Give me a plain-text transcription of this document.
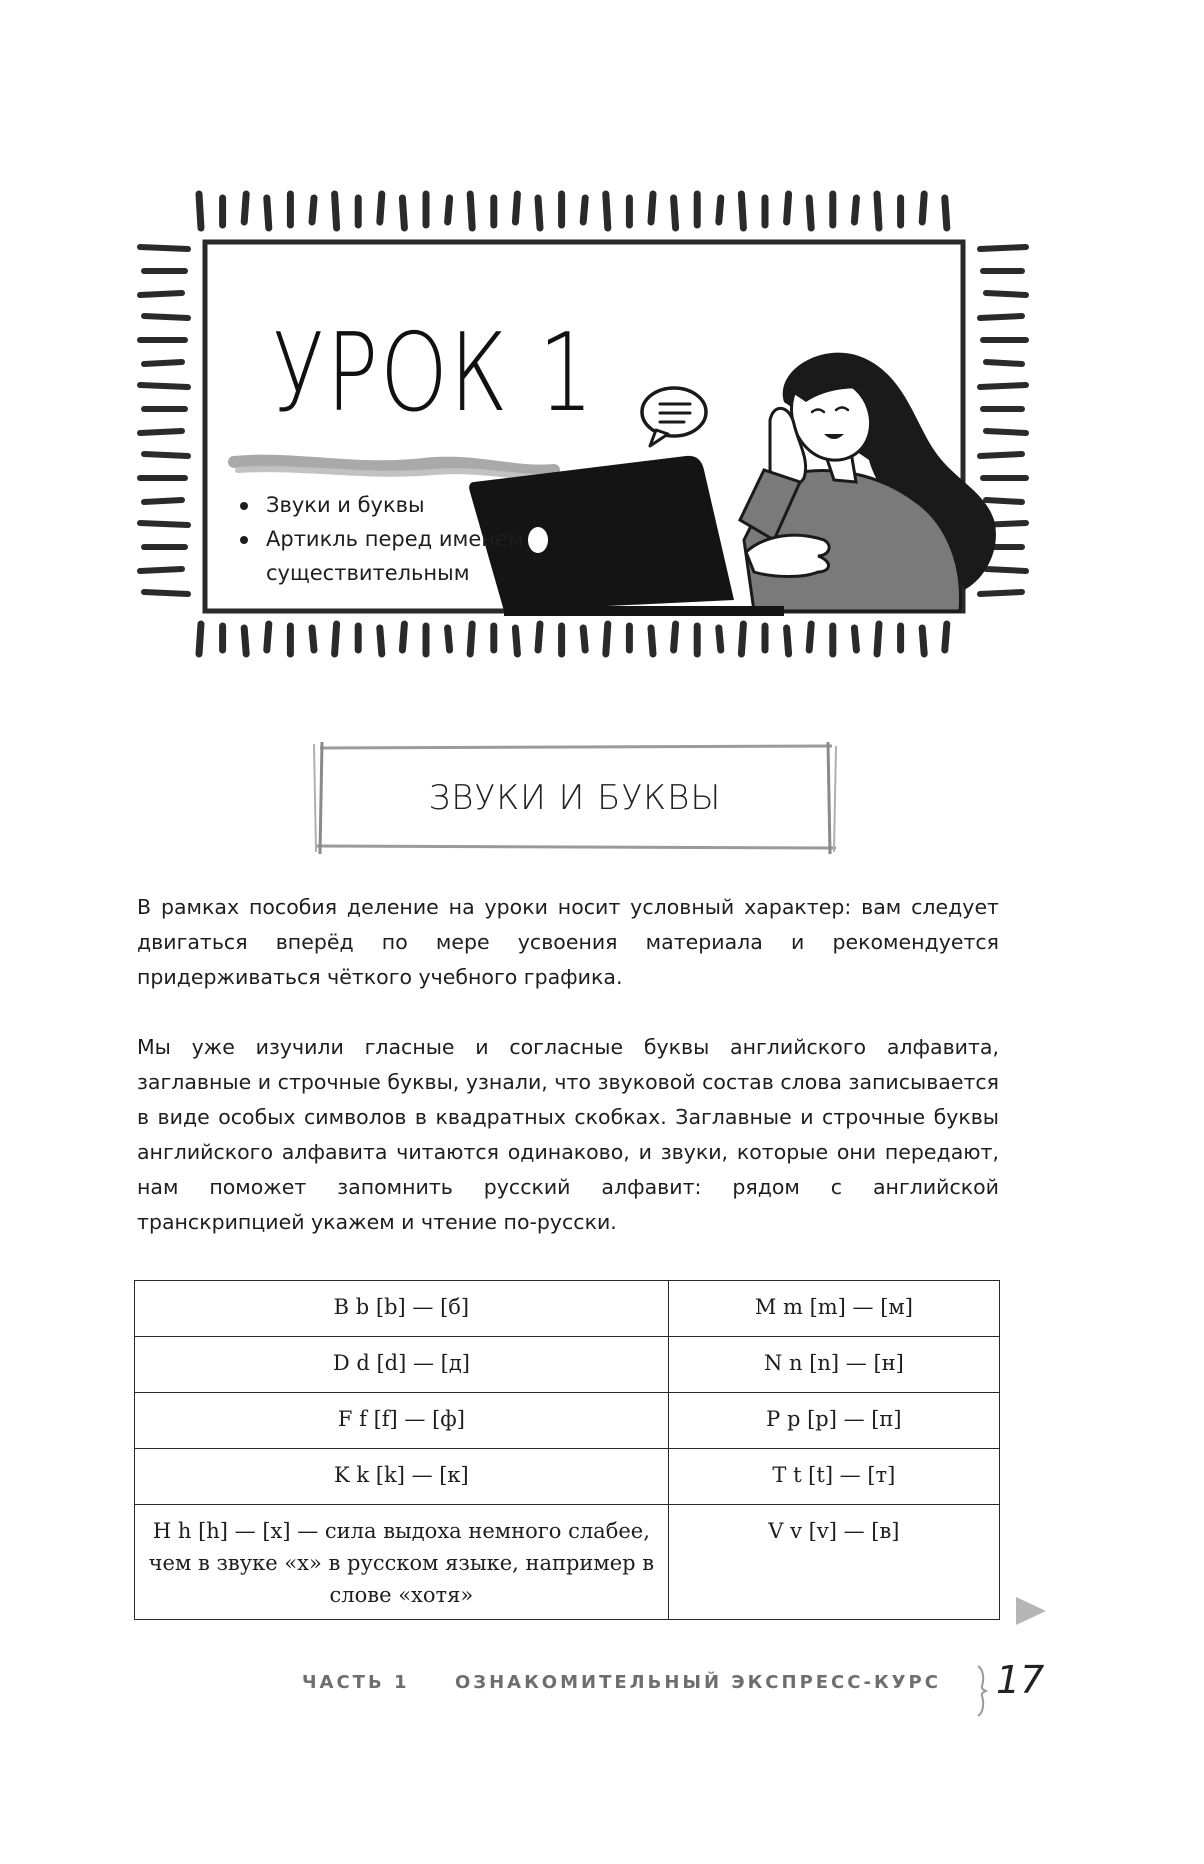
УРОК 1
Звуки и буквы
Артикль перед именем существительным
ЗВУКИ И БУКВЫ

В рамках пособия деление на уроки носит условный характер: вам следует двигаться вперёд по мере усвоения материала и рекомендуется придерживаться чёткого учебного графика.

Мы уже изучили гласные и согласные буквы английского алфавита, заглавные и строчные буквы, узнали, что звуковой состав слова записывается в виде особых символов в квадратных скобках. Заглавные и строчные буквы английского алфавита читаются одинаково, и звуки, которые они передают, нам поможет запомнить русский алфавит: рядом с английской транскрипцией укажем и чтение по-русски.

B b [b] — [б]	M m [m] — [м]
D d [d] — [д]	N n [n] — [н]
F f [f] — [ф]	P p [p] — [п]
K k [k] — [к]	T t [t] — [т]
H h [h] — [х] — сила выдоха немного слабее, чем в звуке «х» в русском языке, например в слове «хотя»	V v [v] — [в]
ЧАСТЬ 1	ОЗНАКОМИТЕЛЬНЫЙ ЭКСПРЕСС-КУРС 17
